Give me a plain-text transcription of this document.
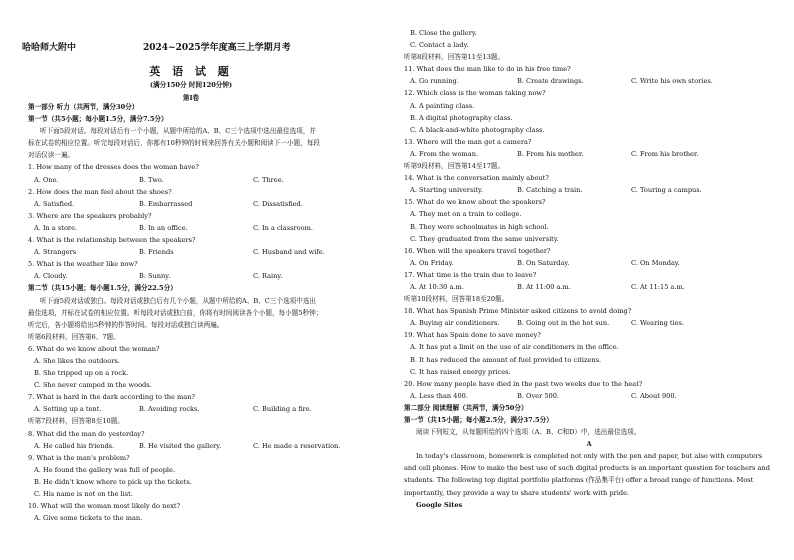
哈哈师大附中	2024~2025学年度高三上学期月考
英 语 试 题
(满分150分 时间120分钟)
第Ⅰ卷
第一部分 听力（共两节，满分30分）
第一节（共5小题；每小题1.5分，满分7.5分）
听下面5段对话。每段对话后有一个小题，从题中所给的A、B、C三个选项中选出最佳选项，并
标在试卷的相应位置。听完每段对话后，你都有10秒钟的时间来回答有关小题和阅读下一小题，每段
对话仅读一遍。
1. How many of the dresses does the woman have?
A. One.	B. Two.	C. Three.
2. How does the man feel about the shoes?
A. Satisfied.	B. Embarrassed	C. Dissatisfied.
3. Where are the speakers probably?
A. In a store.	B. In an office.	C. In a classroom.
4. What is the relationship between the speakers?
A. Strangers	B. Friends	C. Husband and wife.
5. What is the weather like now?
A. Cloudy.	B. Sunny.	C. Rainy.
第二节（共15小题；每小题1.5分，满分22.5分）
听下面5段对话或独白。每段对话或独白后有几个小题，从题中所给的A、B、C三个选项中选出
最佳选项，并标在试卷的相应位置。听每段对话或独白前，你将有时间阅读各个小题，每小题5秒钟；
听完后，各小题将给出5秒钟的作答时间。每段对话或独白读两遍。
听第6段材料，回答第6、7题。
6. What do we know about the woman?
A. She likes the outdoors.
B. She tripped up on a rock.
C. She never camped in the woods.
7. What is hard in the dark according to the man?
A. Setting up a tent.	B. Avoiding rocks.	C. Building a fire.
听第7段材料，回答第8至10题。
8. What did the man do yesterday?
A. He called his friends.	B. He visited the gallery.	C. He made a reservation.
9. What is the man's problem?
A. He found the gallery was full of people.
B. He didn't know where to pick up the tickets.
C. His name is not on the list.
10. What will the woman most likely do next?
A. Give some tickets to the man.
B. Close the gallery.
C. Contact a lady.
听第8段材料，回答第11至13题。
11. What does the man like to do in his free time?
A. Go running.	B. Create drawings.	C. Write his own stories.
12. Which class is the woman taking now?
A. A painting class.
B. A digital photography class.
C. A black-and-white photography class.
13. Where will the man get a camera?
A. From the woman.	B. From his mother.	C. From his brother.
听第9段材料，回答第14至17题。
14. What is the conversation mainly about?
A. Starting university.	B. Catching a train.	C. Touring a campus.
15. What do we know about the speakers?
A. They met on a train to college.
B. They were schoolmates in high school.
C. They graduated from the same university.
16. When will the speakers travel together?
A. On Friday.	B. On Saturday.	C. On Monday.
17. What time is the train due to leave?
A. At 10:30 a.m.	B. At 11:00 a.m.	C. At 11:15 a.m.
听第10段材料，回答第18至20题。
18. What has Spanish Prime Minister asked citizens to avoid doing?
A. Buying air conditioners.	B. Going out in the hot sun.	C. Wearing ties.
19. What has Spain done to save money?
A. It has put a limit on the use of air conditioners in the office.
B. It has reduced the amount of fuel provided to citizens.
C. It has raised energy prices.
20. How many people have died in the past two weeks due to the heat?
A. Less than 400.	B. Over 500.	C. About 900.
第二部分 阅读理解（共两节，满分50分）
第一节（共15小题；每小题2.5分，满分37.5分）
阅读下列短文，从每题所给的四个选项（A、B、C和D）中，选出最佳选项。
A
In today's classroom, homework is completed not only with the pen and paper, but also with computers
and cell phones. How to make the best use of such digital products is an important question for teachers and
students. The following top digital portfolio platforms (作品集平台) offer a broad range of functions. Most
importantly, they provide a way to share students' work with pride.
Google Sites
